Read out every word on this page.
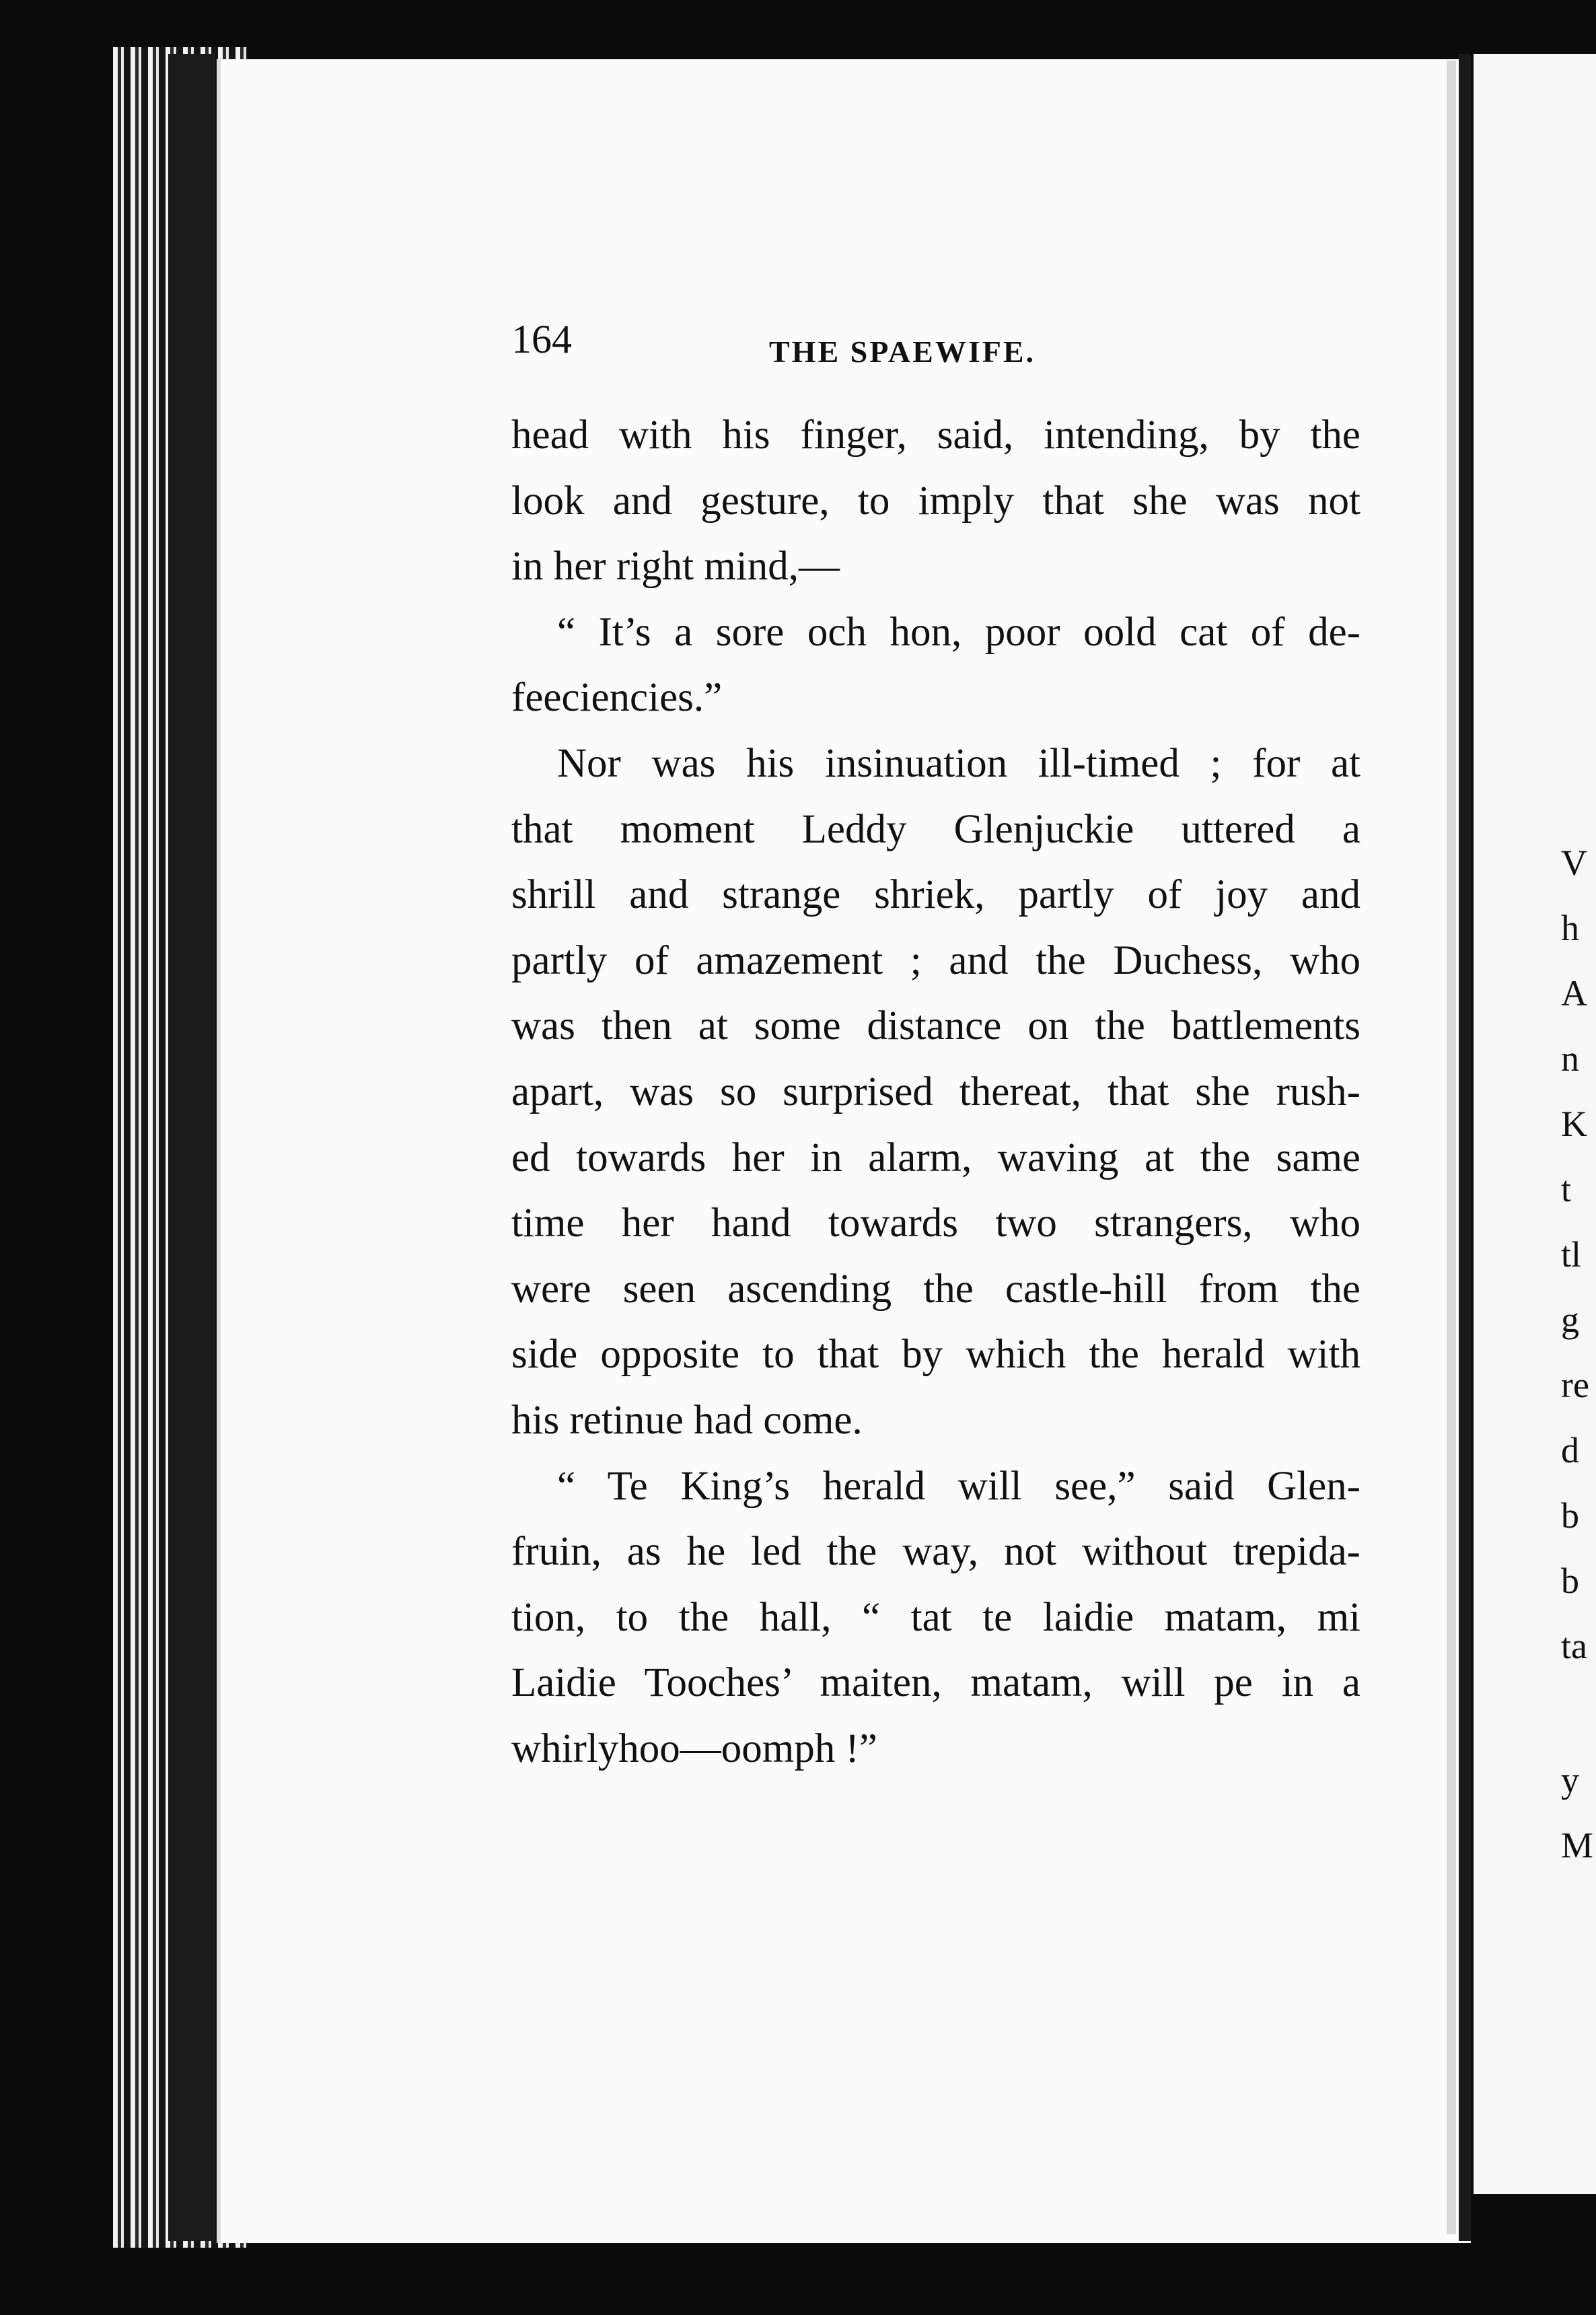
V
h
A
n
K
t
tl
g
re
d
b
b
ta
y
M
164	THE SPAEWIFE.
head with his finger, said, intending, by the
look and gesture, to imply that she was not
in her right mind,—
“ It’s a sore och hon, poor oold cat of de-
feeciencies.”
Nor was his insinuation ill-timed ; for at
that moment Leddy Glenjuckie uttered a
shrill and strange shriek, partly of joy and
partly of amazement ; and the Duchess, who
was then at some distance on the battlements
apart, was so surprised thereat, that she rush-
ed towards her in alarm, waving at the same
time her hand towards two strangers, who
were seen ascending the castle-hill from the
side opposite to that by which the herald with
his retinue had come.
“ Te King’s herald will see,” said Glen-
fruin, as he led the way, not without trepida-
tion, to the hall, “ tat te laidie matam, mi
Laidie Tooches’ maiten, matam, will pe in a
whirlyhoo—oomph !”
